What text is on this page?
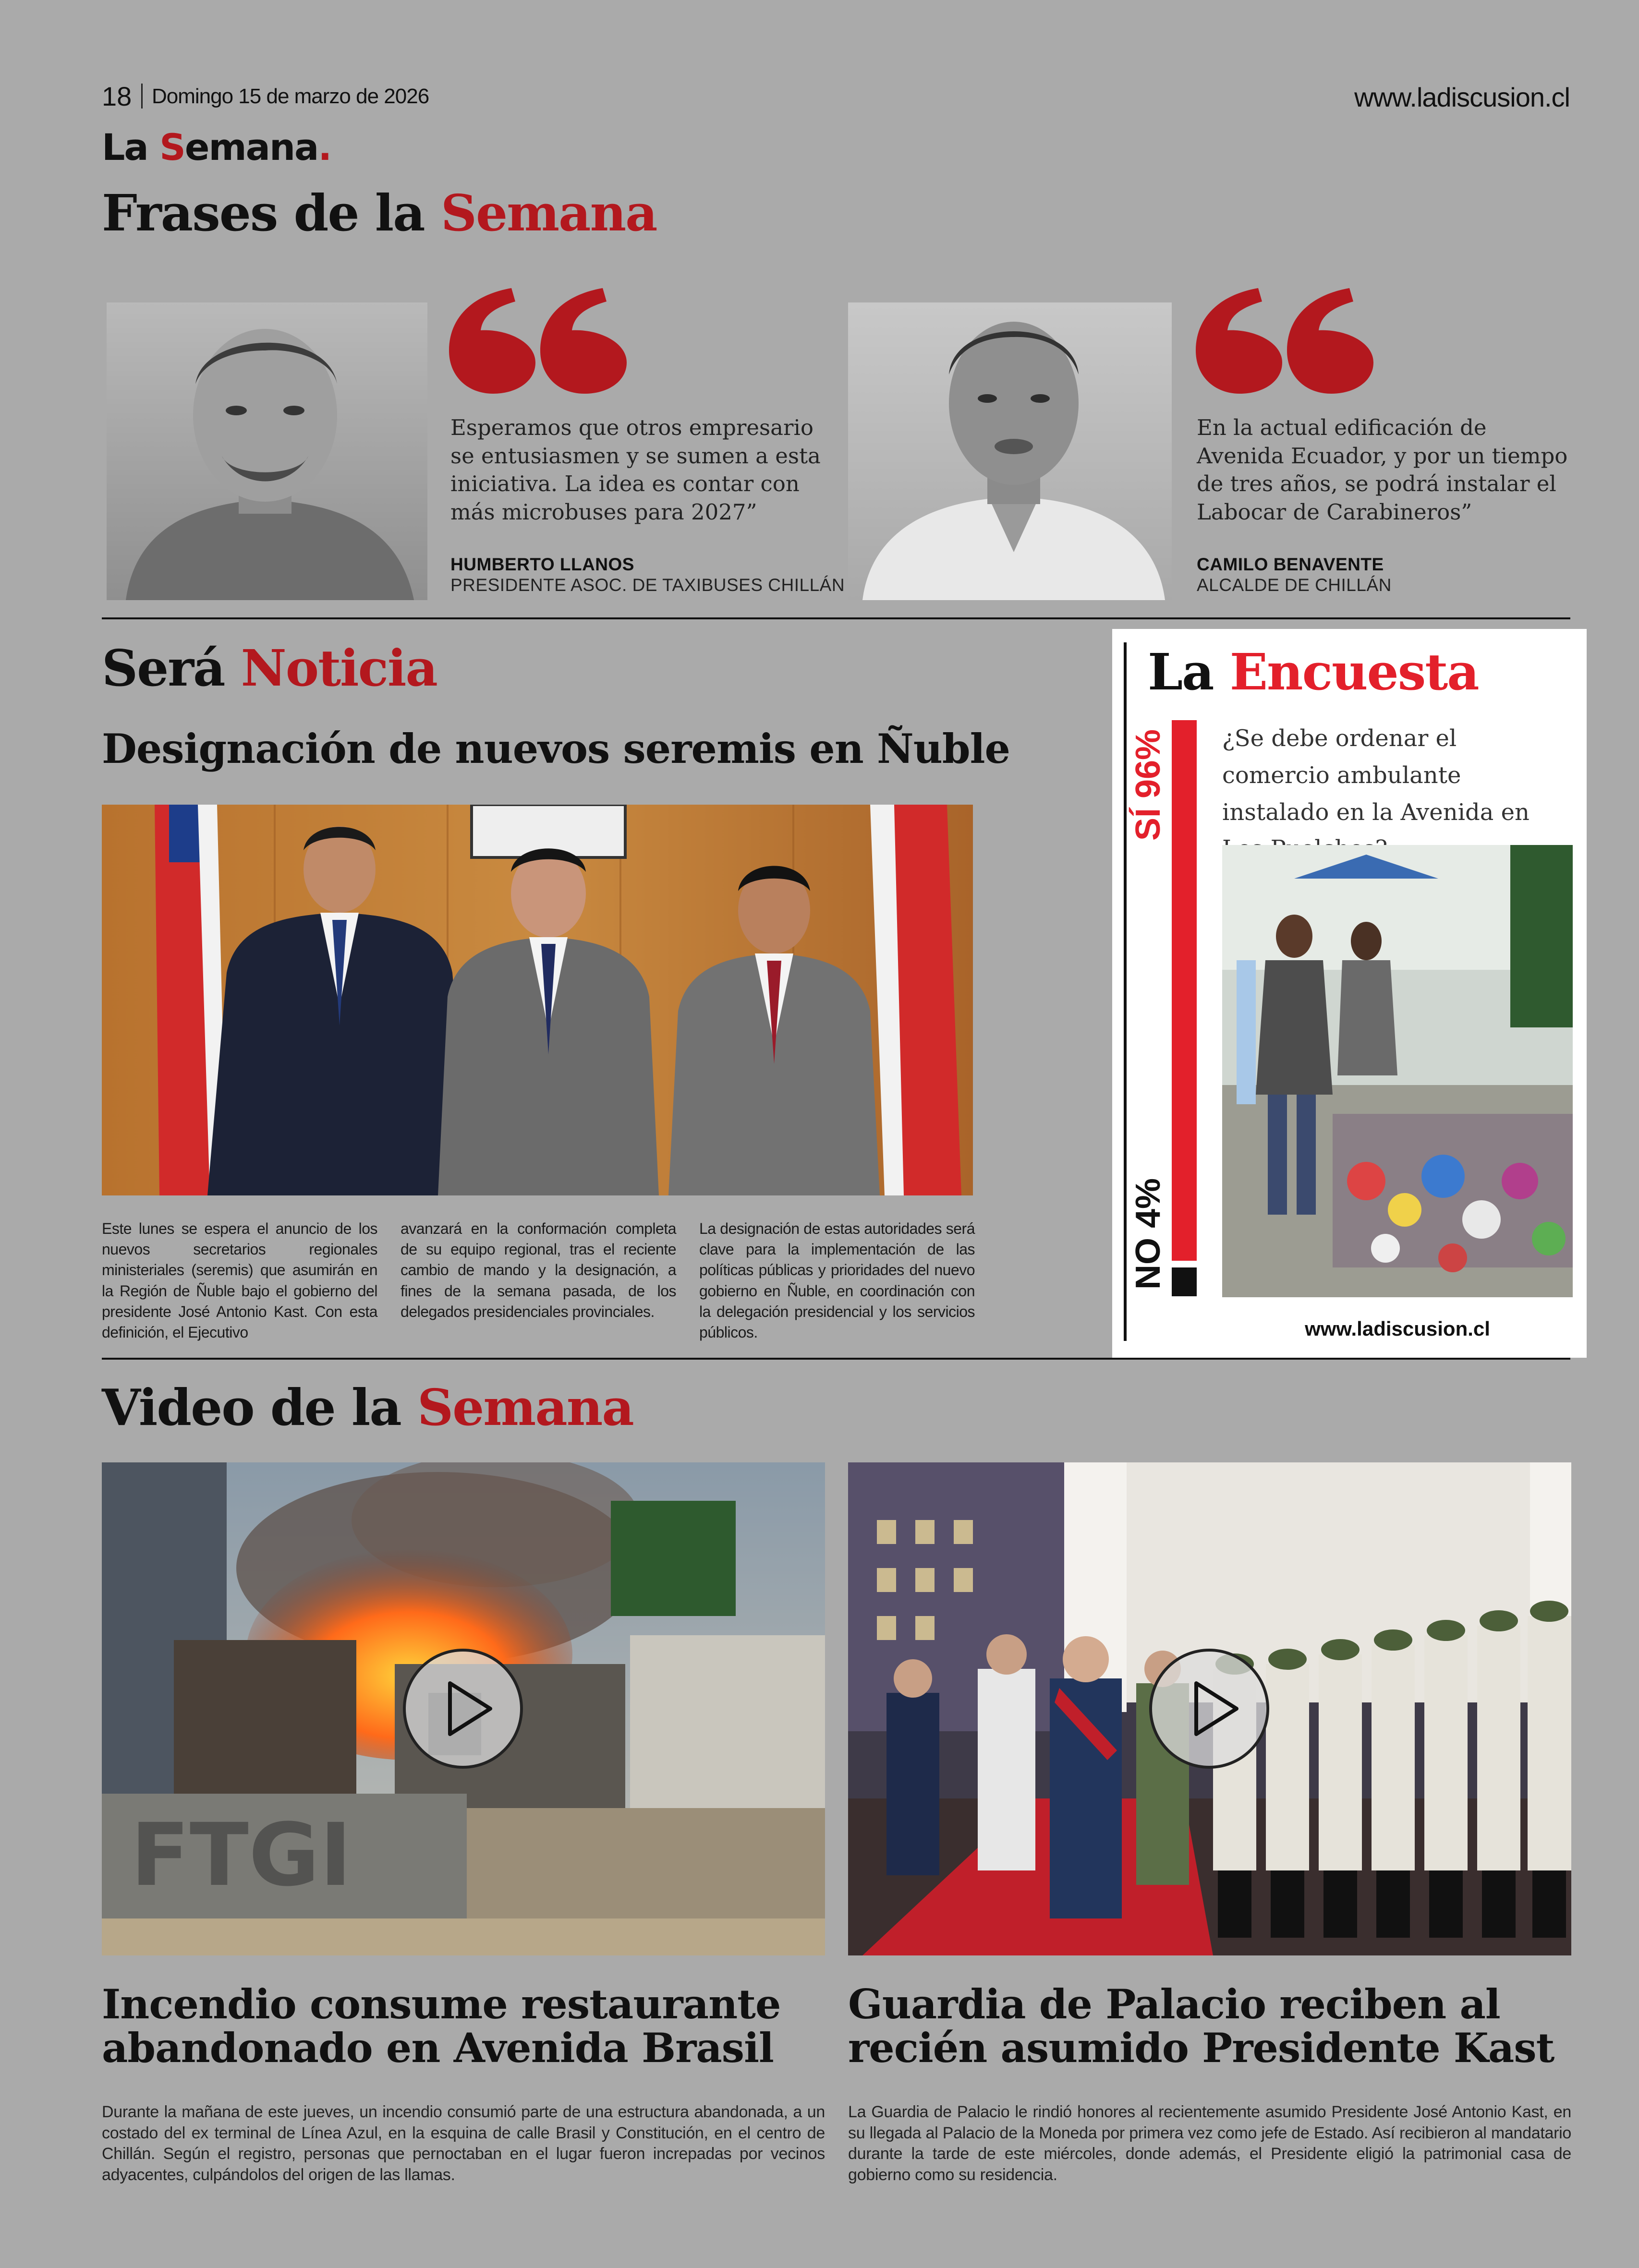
18 Domingo 15 de marzo de 2026	www.ladiscusion.cl
La Semana.
Frases de la Semana
Esperamos que otros empresario se entusiasmen y se sumen a esta iniciativa. La idea es contar con más microbuses para 2027”
HUMBERTO LLANOS
PRESIDENTE ASOC. DE TAXIBUSES CHILLÁN
En la actual edificación de Avenida Ecuador, y por un tiempo de tres años, se podrá instalar el Labocar de Carabineros”
CAMILO BENAVENTE
ALCALDE DE CHILLÁN
Será Noticia
Designación de nuevos seremis en Ñuble
Este lunes se espera el anuncio de los nuevos secretarios regionales ministeriales (seremis) que asumirán en la Región de Ñuble bajo el gobierno del presidente José Antonio Kast. Con esta definición, el Ejecutivo
avanzará en la conformación completa de su equipo regional, tras el reciente cambio de mando y la designación, a fines de la semana pasada, de los delegados presidenciales provinciales.
La designación de estas autoridades será clave para la implementación de las políticas públicas y prioridades del nuevo gobierno en Ñuble, en coordinación con la delegación presidencial y los servicios públicos.
La Encuesta
SÍ 96%
NO 4%
¿Se debe ordenar el comercio ambulante instalado en la Avenida en
www.ladiscusion.cl
Video de la Semana
FTGI
Incendio consume restaurante
abandonado en Avenida Brasil
Durante la mañana de este jueves, un incendio consumió parte de una estructura abandonada, a un costado del ex terminal de Línea Azul, en la esquina de calle Brasil y Constitución, en el centro de Chillán. Según el registro, personas que pernoctaban en el lugar fueron increpadas por vecinos adyacentes, culpándolos del origen de las llamas.
Guardia de Palacio reciben al
recién asumido Presidente Kast
La Guardia de Palacio le rindió honores al recientemente asumido Presidente José Antonio Kast, en su llegada al Palacio de la Moneda por primera vez como jefe de Estado. Así recibieron al mandatario durante la tarde de este miércoles, donde además, el Presidente eligió la patrimonial casa de gobierno como su residencia.
